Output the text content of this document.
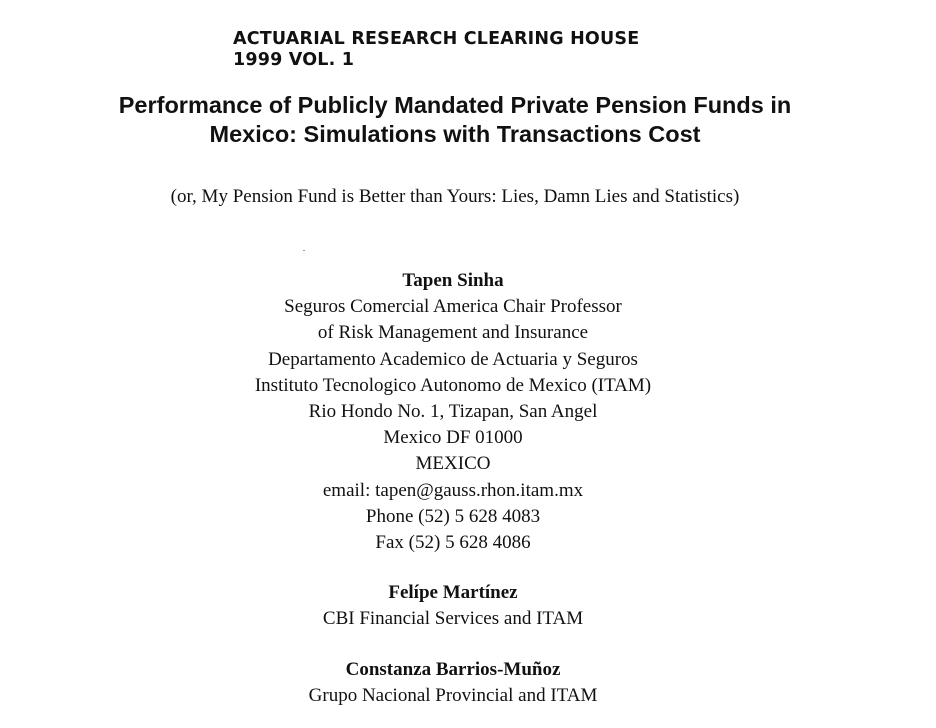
ACTUARIAL RESEARCH CLEARING HOUSE
1999 VOL. 1
Performance of Publicly Mandated Private Pension Funds in
Mexico: Simulations with Transactions Cost
(or, My Pension Fund is Better than Yours: Lies, Damn Lies and Statistics)
Tapen Sinha
Seguros Comercial America Chair Professor
of Risk Management and Insurance
Departamento Academico de Actuaria y Seguros
Instituto Tecnologico Autonomo de Mexico (ITAM)
Rio Hondo No. 1, Tizapan, San Angel
Mexico DF 01000
MEXICO
email: tapen@gauss.rhon.itam.mx
Phone (52) 5 628 4083
Fax (52) 5 628 4086
Felípe Martínez
CBI Financial Services and ITAM
Constanza Barrios-Muñoz
Grupo Nacional Provincial and ITAM
